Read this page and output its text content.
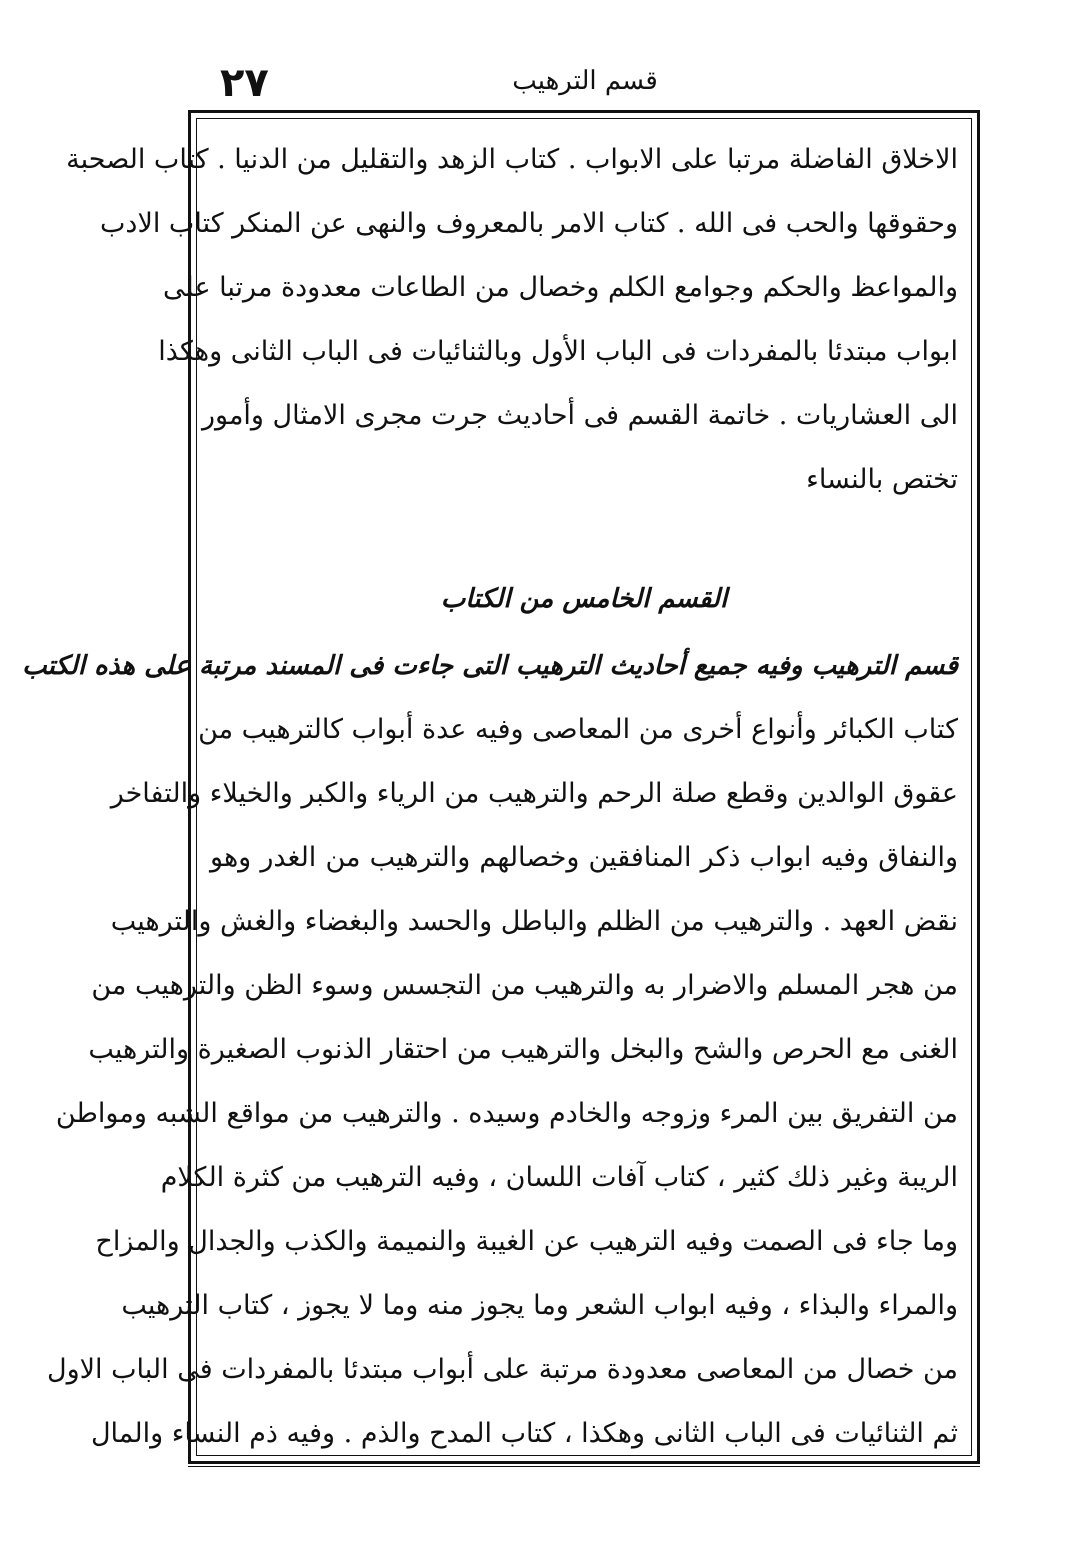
٢٧	قسم الترهيب
الاخلاق الفاضلة مرتبا على الابواب . كتاب الزهد والتقليل من الدنيا . كتاب الصحبة
وحقوقها والحب فى الله . كتاب الامر بالمعروف والنهى عن المنكر كتاب الادب
والمواعظ والحكم وجوامع الكلم وخصال من الطاعات معدودة مرتبا على
ابواب مبتدئا بالمفردات فى الباب الأول وبالثنائيات فى الباب الثانى وهكذا
الى العشاريات . خاتمة القسم فى أحاديث جرت مجرى الامثال وأمور
تختص بالنساء
القسم الخامس من الكتاب
قسم الترهيب وفيه جميع أحاديث الترهيب التى جاءت فى المسند مرتبة على هذه الكتب
كتاب الكبائر وأنواع أخرى من المعاصى وفيه عدة أبواب كالترهيب من
عقوق الوالدين وقطع صلة الرحم والترهيب من الرياء والكبر والخيلاء والتفاخر
والنفاق وفيه ابواب ذكر المنافقين وخصالهم والترهيب من الغدر وهو
نقض العهد . والترهيب من الظلم والباطل والحسد والبغضاء والغش والترهيب
من هجر المسلم والاضرار به والترهيب من التجسس وسوء الظن والترهيب من
الغنى مع الحرص والشح والبخل والترهيب من احتقار الذنوب الصغيرة والترهيب
من التفريق بين المرء وزوجه والخادم وسيده . والترهيب من مواقع الشبه ومواطن
الريبة وغير ذلك كثير ، كتاب آفات اللسان ، وفيه الترهيب من كثرة الكلام
وما جاء فى الصمت وفيه الترهيب عن الغيبة والنميمة والكذب والجدال والمزاح
والمراء والبذاء ، وفيه ابواب الشعر وما يجوز منه وما لا يجوز ، كتاب الترهيب
من خصال من المعاصى معدودة مرتبة على أبواب مبتدئا بالمفردات فى الباب الاول
ثم الثنائيات فى الباب الثانى وهكذا ، كتاب المدح والذم . وفيه ذم النساء والمال
